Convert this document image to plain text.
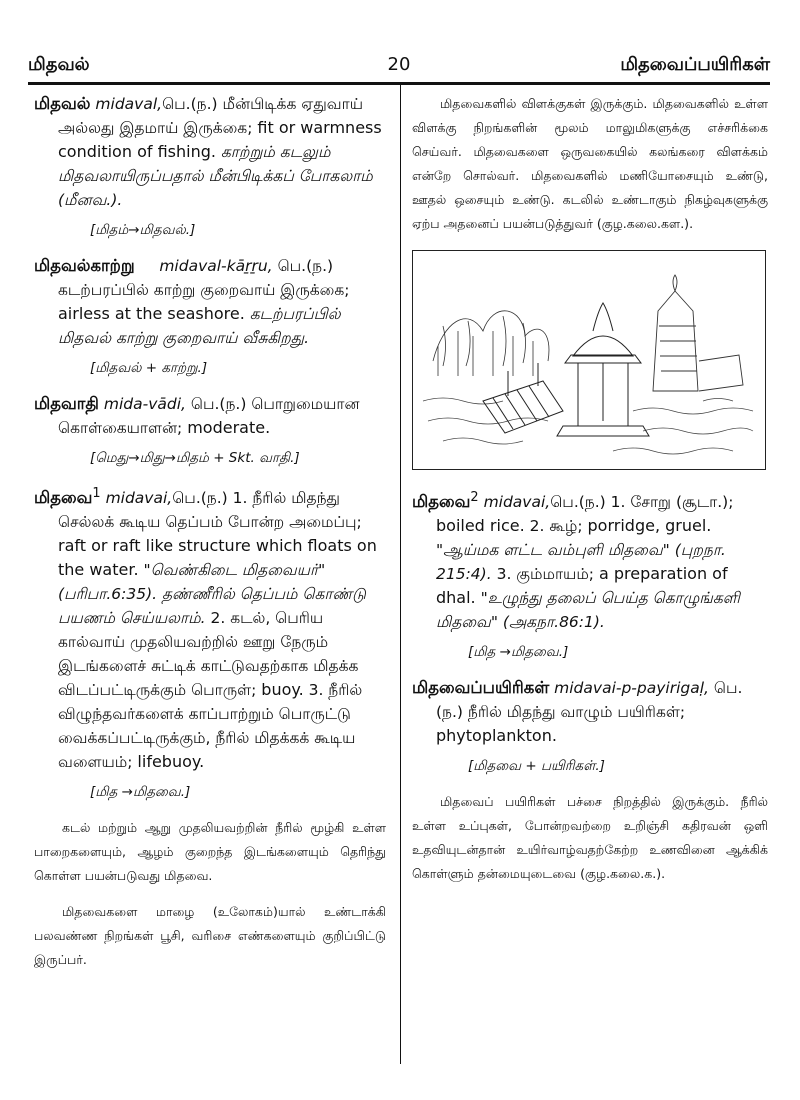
மிதவல்	20	மிதவைப்பயிரிகள்
மிதவல் midaval,பெ.(ந.) மீன்பிடிக்க ஏதுவாய் அல்லது இதமாய் இருக்கை; fit or warmness condition of fishing. காற்றும் கடலும் மிதவலாயிருப்பதால் மீன்பிடிக்கப் போகலாம் (மீனவ.).
[மிதம்→மிதவல்.]
மிதவல்காற்று midaval-kāṟṟu, பெ.(ந.) கடற்பரப்பில் காற்று குறைவாய் இருக்கை; airless at the seashore. கடற்பரப்பில் மிதவல் காற்று குறைவாய் வீசுகிறது.
[மிதவல் + காற்று.]
மிதவாதி mida-vādi, பெ.(ந.) பொறுமையான கொள்கையாளன்; moderate.
[மெது→மிது→மிதம் + Skt. வாதி.]
மிதவை$^1$ midavai,பெ.(ந.) 1. நீரில் மிதந்து செல்லக் கூடிய தெப்பம் போன்ற அமைப்பு; raft or raft like structure which floats on the water. "வெண்கிடை மிதவையர்" (பரிபா.6:35). தண்ணீரில் தெப்பம் கொண்டு பயணம் செய்யலாம். 2. கடல், பெரிய கால்வாய் முதலியவற்றில் ஊறு நேரும் இடங்களைச் சுட்டிக் காட்டுவதற்காக மிதக்க விடப்பட்டிருக்கும் பொருள்; buoy. 3. நீரில் விழுந்தவர்களைக் காப்பாற்றும் பொருட்டு வைக்கப்பட்டிருக்கும், நீரில் மிதக்கக் கூடிய வளையம்; lifebuoy.
[மித →மிதவை.]

கடல் மற்றும் ஆறு முதலியவற்றின் நீரில் மூழ்கி உள்ள பாறைகளையும், ஆழம் குறைந்த இடங்களையும் தெரிந்து கொள்ள பயன்படுவது மிதவை.

மிதவைகளை மாழை (உலோகம்)யால் உண்டாக்கி பலவண்ண நிறங்கள் பூசி, வரிசை எண்களையும் குறிப்பிட்டு இருப்பர்.

மிதவைகளில் விளக்குகள் இருக்கும். மிதவைகளில் உள்ள விளக்கு நிறங்களின் மூலம் மாலுமிகளுக்கு எச்சரிக்கை செய்வர். மிதவைகளை ஒருவகையில் கலங்கரை விளக்கம் என்றே சொல்வர். மிதவைகளில் மணியோசையும் உண்டு, ஊதல் ஒசையும் உண்டு. கடலில் உண்டாகும் நிகழ்வுகளுக்கு ஏற்ப அதனைப் பயன்படுத்துவர் (குழ.கலை.கள.).

மிதவை$^2$ midavai,பெ.(ந.) 1. சோறு (சூடா.); boiled rice. 2. கூழ்; porridge, gruel. "ஆய்மக ளட்ட வம்புளி மிதவை" (புறநா. 215:4). 3. கும்மாயம்; a preparation of dhal. "உழுந்து தலைப் பெய்த கொழுங்களி மிதவை" (அகநா.86:1).
[மித →மிதவை.]
மிதவைப்பயிரிகள் midavai-p-payirigaḷ, பெ.(ந.) நீரில் மிதந்து வாழும் பயிரிகள்; phytoplankton.
[மிதவை + பயிரிகள்.]

மிதவைப் பயிரிகள் பச்சை நிறத்தில் இருக்கும். நீரில் உள்ள உப்புகள், போன்றவற்றை உறிஞ்சி கதிரவன் ஒளி உதவியுடன்தான் உயிர்வாழ்வதற்கேற்ற உணவினை ஆக்கிக் கொள்ளும் தன்மையுடைவை (குழ.கலை.க.).
